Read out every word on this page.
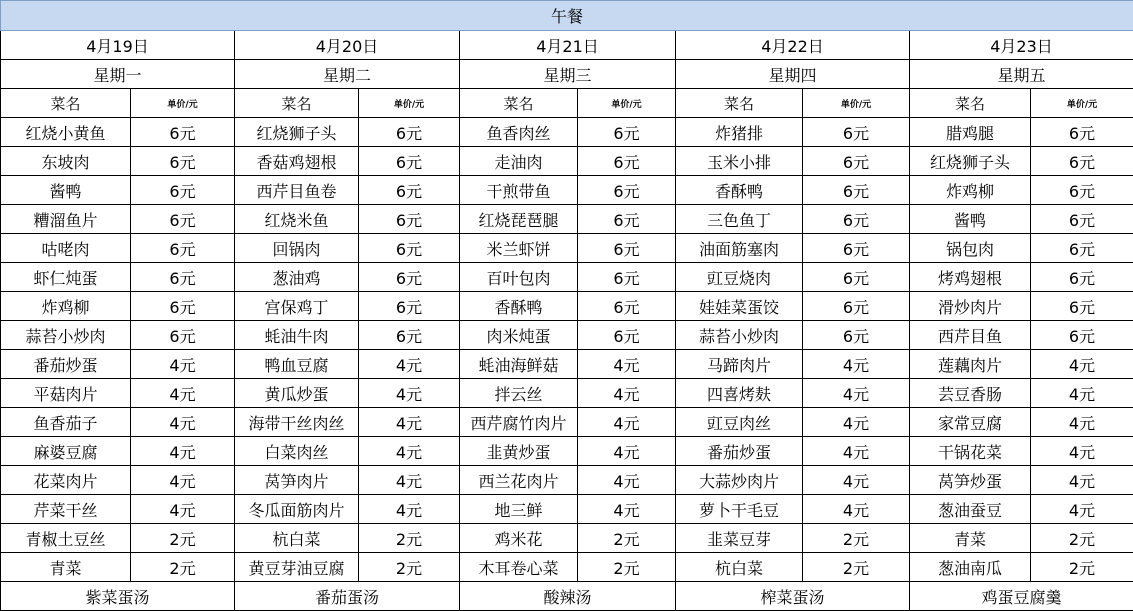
午餐									
4月19日		4月20日		4月21日		4月22日		4月23日	
星期一		星期二		星期三		星期四		星期五	
菜名	单价/元	菜名	单价/元	菜名	单价/元	菜名	单价/元	菜名	单价/元
红烧小黄鱼	6元	红烧狮子头	6元	鱼香肉丝	6元	炸猪排	6元	腊鸡腿	6元
东坡肉	6元	香菇鸡翅根	6元	走油肉	6元	玉米小排	6元	红烧狮子头	6元
酱鸭	6元	西芹目鱼卷	6元	干煎带鱼	6元	香酥鸭	6元	炸鸡柳	6元
糟溜鱼片	6元	红烧米鱼	6元	红烧琵琶腿	6元	三色鱼丁	6元	酱鸭	6元
咕咾肉	6元	回锅肉	6元	米兰虾饼	6元	油面筋塞肉	6元	锅包肉	6元
虾仁炖蛋	6元	葱油鸡	6元	百叶包肉	6元	豇豆烧肉	6元	烤鸡翅根	6元
炸鸡柳	6元	宫保鸡丁	6元	香酥鸭	6元	娃娃菜蛋饺	6元	滑炒肉片	6元
蒜苔小炒肉	6元	蚝油牛肉	6元	肉米炖蛋	6元	蒜苔小炒肉	6元	西芹目鱼	6元
番茄炒蛋	4元	鸭血豆腐	4元	蚝油海鲜菇	4元	马蹄肉片	4元	莲藕肉片	4元
平菇肉片	4元	黄瓜炒蛋	4元	拌云丝	4元	四喜烤麸	4元	芸豆香肠	4元
鱼香茄子	4元	海带干丝肉丝	4元	西芹腐竹肉片	4元	豇豆肉丝	4元	家常豆腐	4元
麻婆豆腐	4元	白菜肉丝	4元	韭黄炒蛋	4元	番茄炒蛋	4元	干锅花菜	4元
花菜肉片	4元	莴笋肉片	4元	西兰花肉片	4元	大蒜炒肉片	4元	莴笋炒蛋	4元
芹菜干丝	4元	冬瓜面筋肉片	4元	地三鲜	4元	萝卜干毛豆	4元	葱油蚕豆	4元
青椒土豆丝	2元	杭白菜	2元	鸡米花	2元	韭菜豆芽	2元	青菜	2元
青菜	2元	黄豆芽油豆腐	2元	木耳卷心菜	2元	杭白菜	2元	葱油南瓜	2元
紫菜蛋汤		番茄蛋汤		酸辣汤		榨菜蛋汤		鸡蛋豆腐羹	
